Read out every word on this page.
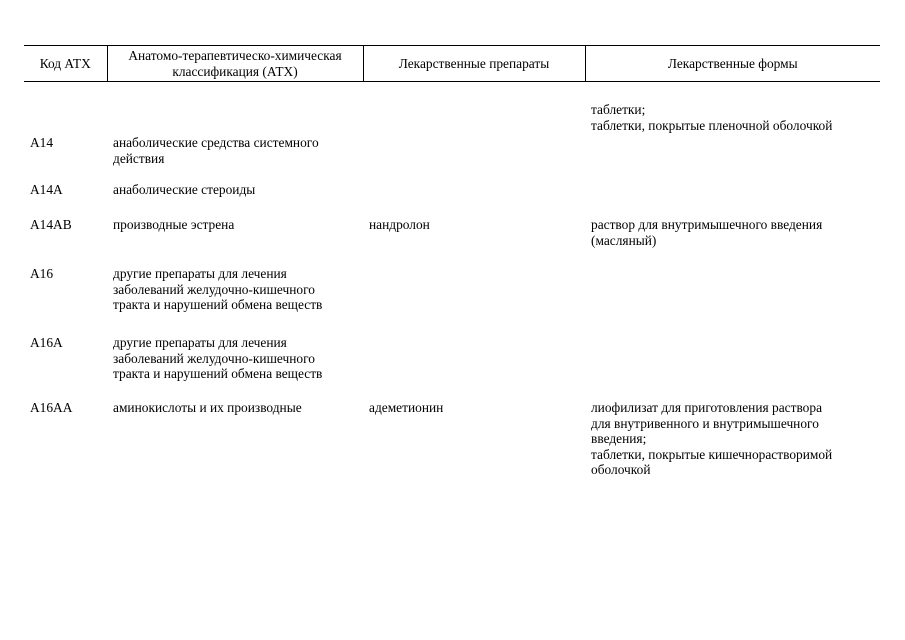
Код АТХ	Анатомо-терапевтическо-химическая
классификация (АТХ)	Лекарственные препараты	Лекарственные формы

			таблетки;
таблетки, покрытые пленочной оболочкой

A14	анаболические средства системного
действия		

A14A	анаболические стероиды		

A14AB	производные эстрена	нандролон	раствор для внутримышечного введения
(масляный)

A16	другие препараты для лечения
заболеваний желудочно-кишечного
тракта и нарушений обмена веществ		

A16A	другие препараты для лечения
заболеваний желудочно-кишечного
тракта и нарушений обмена веществ		

A16AA	аминокислоты и их производные	адеметионин	лиофилизат для приготовления раствора
для внутривенного и внутримышечного
введения;
таблетки, покрытые кишечнорастворимой
оболочкой
